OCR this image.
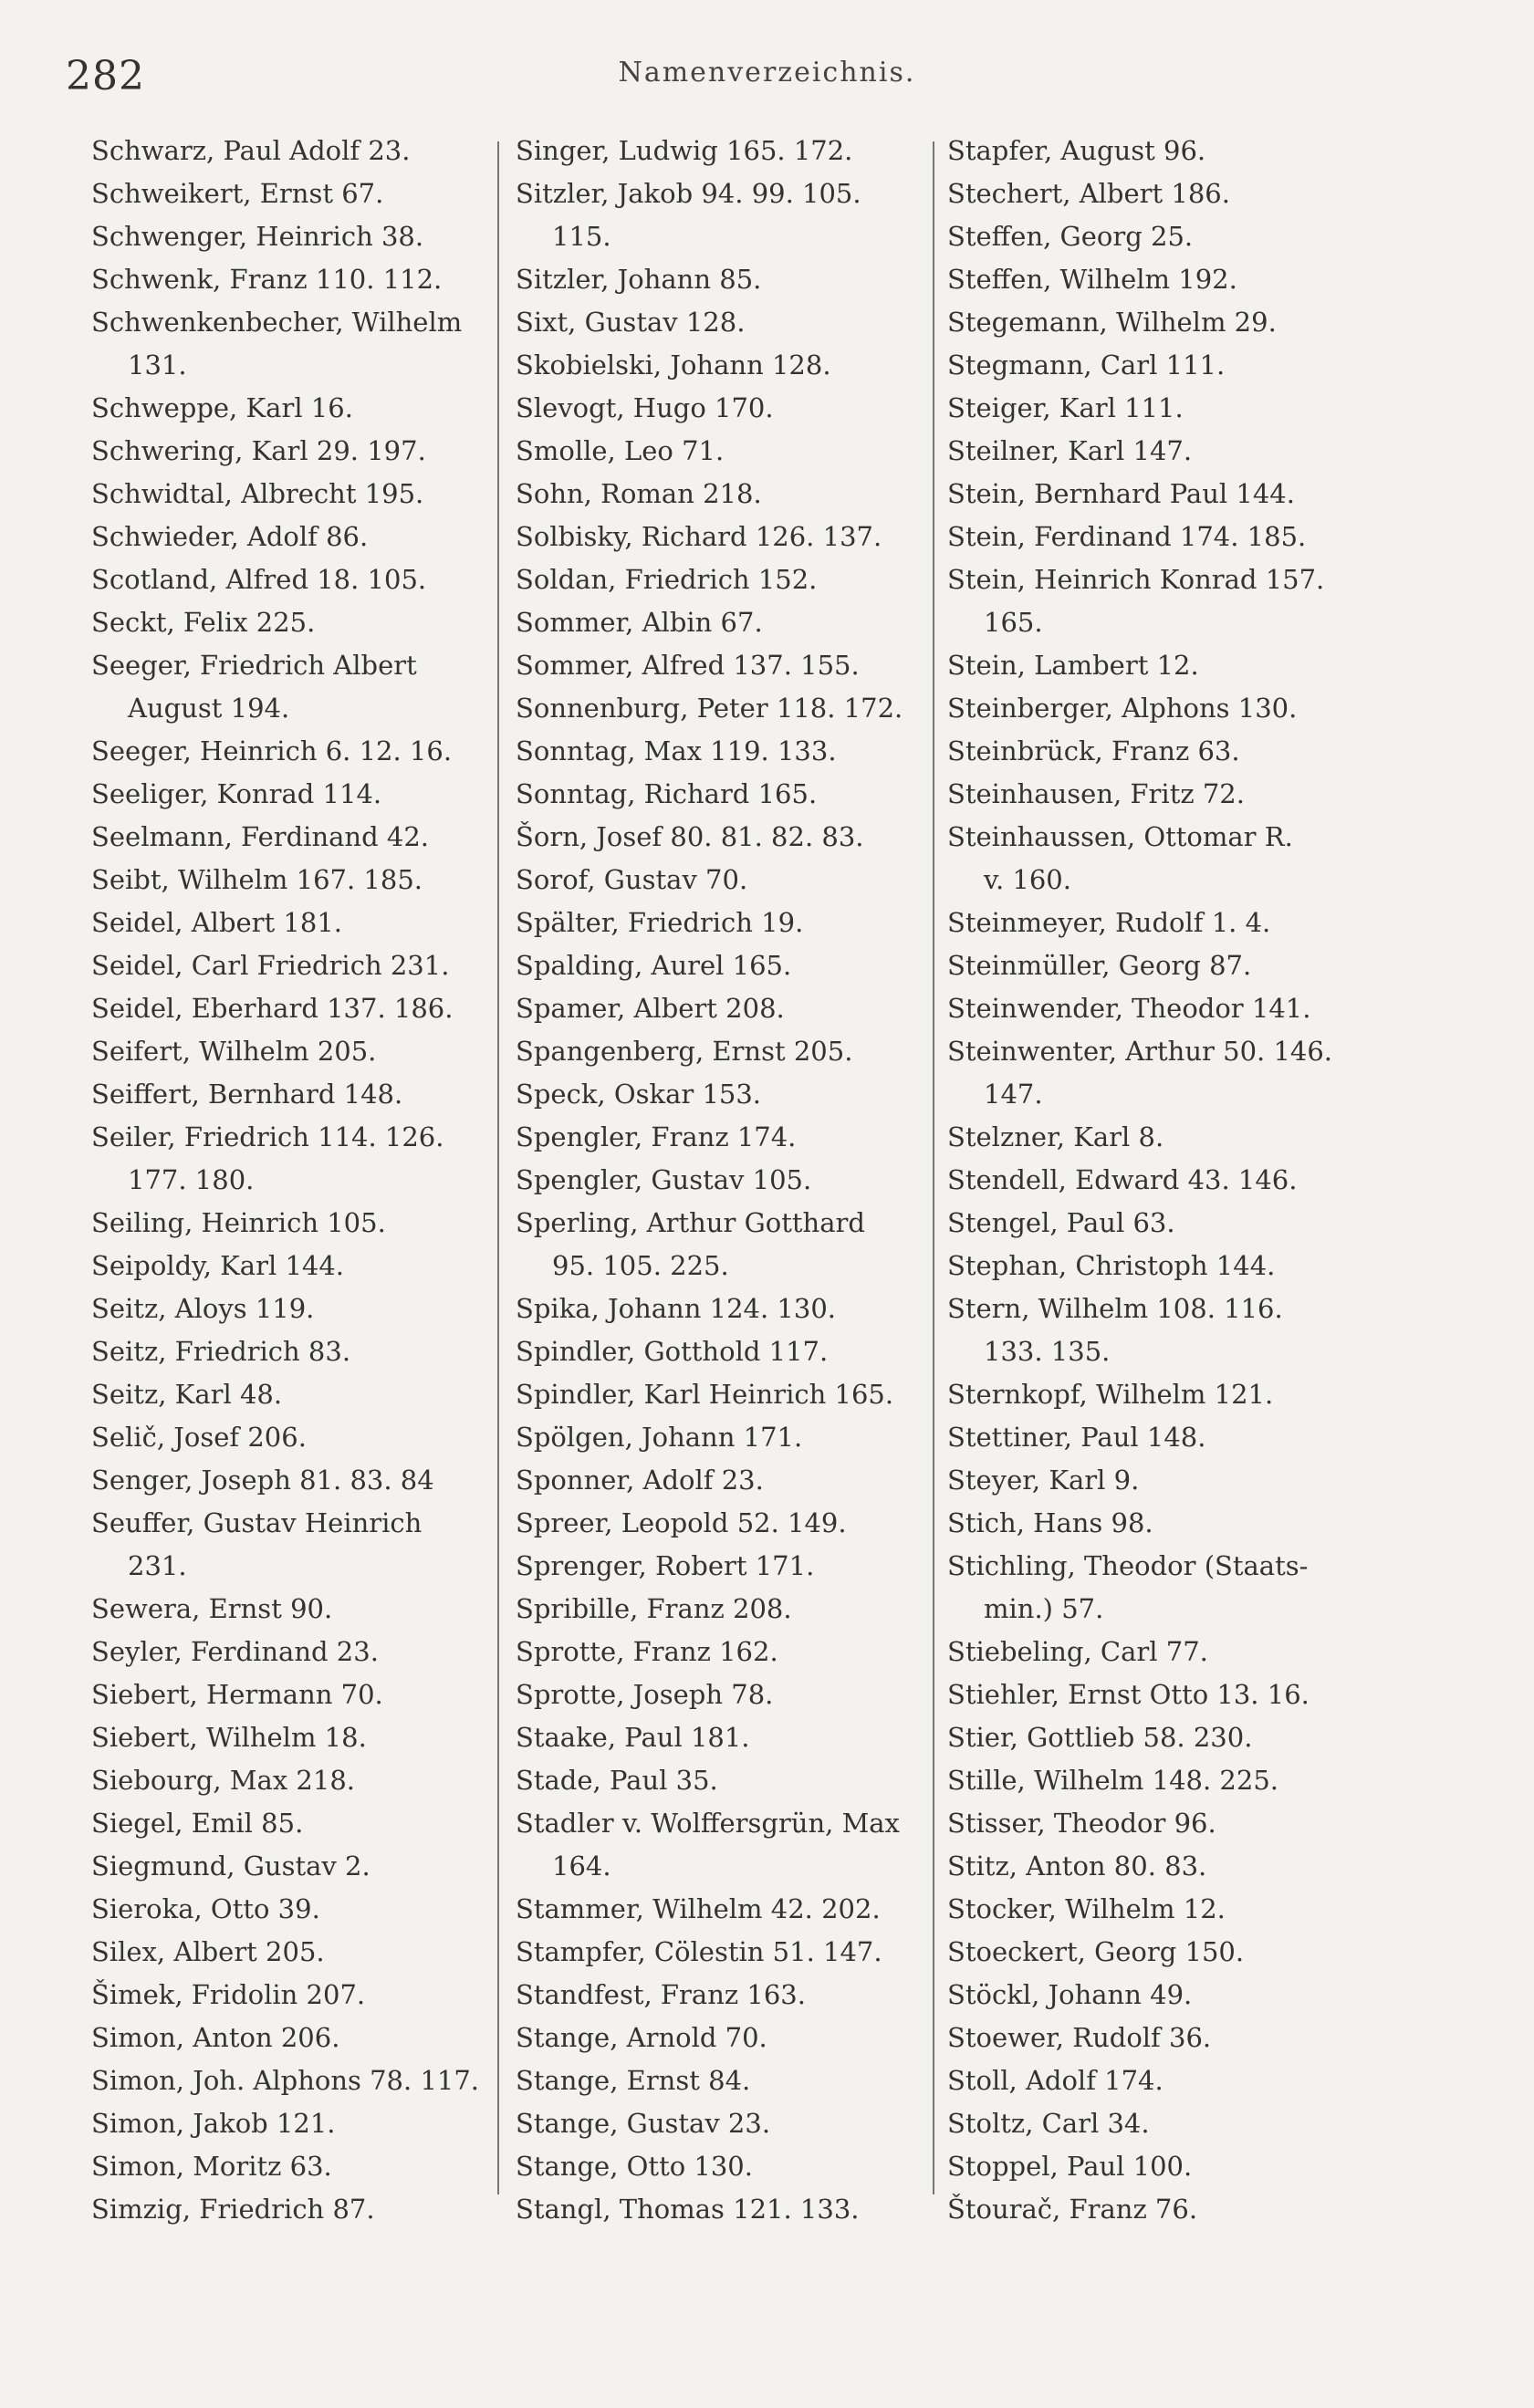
282	Namenverzeichnis.
Schwarz, Paul Adolf 23.
Schweikert, Ernst 67.
Schwenger, Heinrich 38.
Schwenk, Franz 110. 112.
Schwenkenbecher, Wilhelm
131.
Schweppe, Karl 16.
Schwering, Karl 29. 197.
Schwidtal, Albrecht 195.
Schwieder, Adolf 86.
Scotland, Alfred 18. 105.
Seckt, Felix 225.
Seeger, Friedrich Albert
August 194.
Seeger, Heinrich 6. 12. 16.
Seeliger, Konrad 114.
Seelmann, Ferdinand 42.
Seibt, Wilhelm 167. 185.
Seidel, Albert 181.
Seidel, Carl Friedrich 231.
Seidel, Eberhard 137. 186.
Seifert, Wilhelm 205.
Seiffert, Bernhard 148.
Seiler, Friedrich 114. 126.
177. 180.
Seiling, Heinrich 105.
Seipoldy, Karl 144.
Seitz, Aloys 119.
Seitz, Friedrich 83.
Seitz, Karl 48.
Selič, Josef 206.
Senger, Joseph 81. 83. 84
Seuffer, Gustav Heinrich
231.
Sewera, Ernst 90.
Seyler, Ferdinand 23.
Siebert, Hermann 70.
Siebert, Wilhelm 18.
Siebourg, Max 218.
Siegel, Emil 85.
Siegmund, Gustav 2.
Sieroka, Otto 39.
Silex, Albert 205.
Šimek, Fridolin 207.
Simon, Anton 206.
Simon, Joh. Alphons 78. 117.
Simon, Jakob 121.
Simon, Moritz 63.
Simzig, Friedrich 87.
Singer, Ludwig 165. 172.
Sitzler, Jakob 94. 99. 105.
115.
Sitzler, Johann 85.
Sixt, Gustav 128.
Skobielski, Johann 128.
Slevogt, Hugo 170.
Smolle, Leo 71.
Sohn, Roman 218.
Solbisky, Richard 126. 137.
Soldan, Friedrich 152.
Sommer, Albin 67.
Sommer, Alfred 137. 155.
Sonnenburg, Peter 118. 172.
Sonntag, Max 119. 133.
Sonntag, Richard 165.
Šorn, Josef 80. 81. 82. 83.
Sorof, Gustav 70.
Spälter, Friedrich 19.
Spalding, Aurel 165.
Spamer, Albert 208.
Spangenberg, Ernst 205.
Speck, Oskar 153.
Spengler, Franz 174.
Spengler, Gustav 105.
Sperling, Arthur Gotthard
95. 105. 225.
Spika, Johann 124. 130.
Spindler, Gotthold 117.
Spindler, Karl Heinrich 165.
Spölgen, Johann 171.
Sponner, Adolf 23.
Spreer, Leopold 52. 149.
Sprenger, Robert 171.
Spribille, Franz 208.
Sprotte, Franz 162.
Sprotte, Joseph 78.
Staake, Paul 181.
Stade, Paul 35.
Stadler v. Wolffersgrün, Max
164.
Stammer, Wilhelm 42. 202.
Stampfer, Cölestin 51. 147.
Standfest, Franz 163.
Stange, Arnold 70.
Stange, Ernst 84.
Stange, Gustav 23.
Stange, Otto 130.
Stangl, Thomas 121. 133.
Stapfer, August 96.
Stechert, Albert 186.
Steffen, Georg 25.
Steffen, Wilhelm 192.
Stegemann, Wilhelm 29.
Stegmann, Carl 111.
Steiger, Karl 111.
Steilner, Karl 147.
Stein, Bernhard Paul 144.
Stein, Ferdinand 174. 185.
Stein, Heinrich Konrad 157.
165.
Stein, Lambert 12.
Steinberger, Alphons 130.
Steinbrück, Franz 63.
Steinhausen, Fritz 72.
Steinhaussen, Ottomar R.
v. 160.
Steinmeyer, Rudolf 1. 4.
Steinmüller, Georg 87.
Steinwender, Theodor 141.
Steinwenter, Arthur 50. 146.
147.
Stelzner, Karl 8.
Stendell, Edward 43. 146.
Stengel, Paul 63.
Stephan, Christoph 144.
Stern, Wilhelm 108. 116.
133. 135.
Sternkopf, Wilhelm 121.
Stettiner, Paul 148.
Steyer, Karl 9.
Stich, Hans 98.
Stichling, Theodor (Staats-
min.) 57.
Stiebeling, Carl 77.
Stiehler, Ernst Otto 13. 16.
Stier, Gottlieb 58. 230.
Stille, Wilhelm 148. 225.
Stisser, Theodor 96.
Stitz, Anton 80. 83.
Stocker, Wilhelm 12.
Stoeckert, Georg 150.
Stöckl, Johann 49.
Stoewer, Rudolf 36.
Stoll, Adolf 174.
Stoltz, Carl 34.
Stoppel, Paul 100.
Štourač, Franz 76.
